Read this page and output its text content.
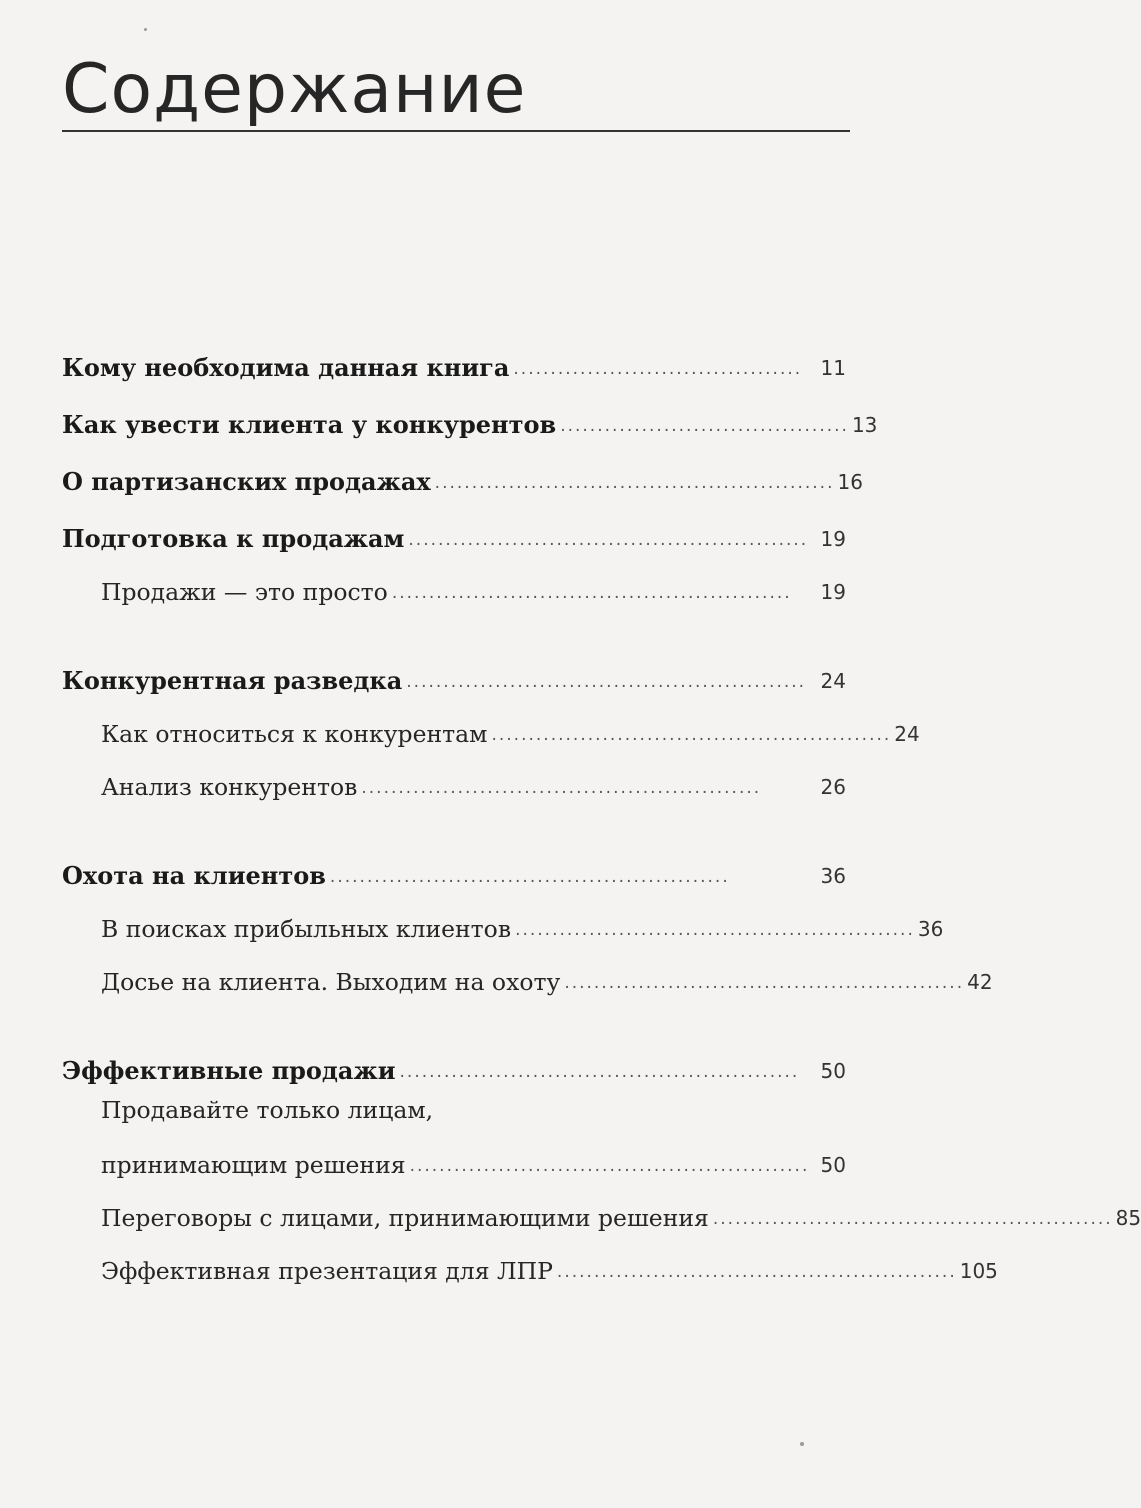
Содержание
Кому необходима данная книга ....................................... 11
Как увести клиента у конкурентов ....................................... 13
О партизанских продажах ...................................................... 16
Подготовка к продажам ...................................................... 19
Продажи — это просто ......................................................	19
Конкурентная разведка ...................................................... 24
Как относиться к конкурентам ...................................................... 24
Анализ конкурентов ......................................................	26
Охота на клиентов ......................................................	36
В поисках прибыльных клиентов ...................................................... 36
Досье на клиента. Выходим на охоту ...................................................... 42
Эффективные продажи ......................................................	50
Продавайте только лицам,
принимающим решения ...................................................... 50
Переговоры с лицами, принимающими решения ...................................................... 85
Эффективная презентация для ЛПР ...................................................... 105
